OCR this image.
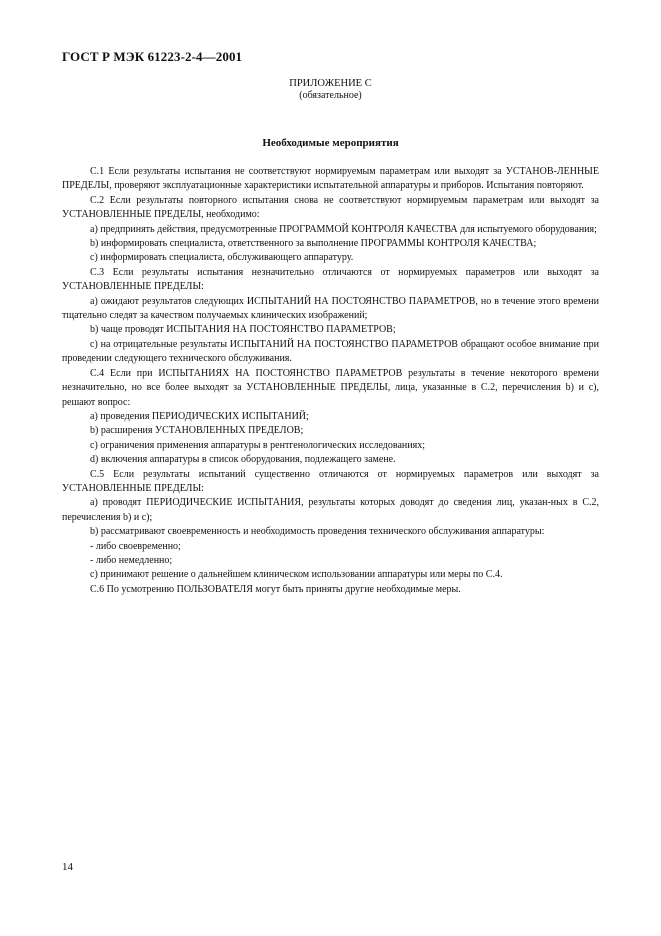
ГОСТ Р МЭК 61223-2-4—2001
ПРИЛОЖЕНИЕ С
(обязательное)
Необходимые мероприятия

С.1 Если результаты испытания не соответствуют нормируемым параметрам или выходят за УСТАНОВ-ЛЕННЫЕ ПРЕДЕЛЫ, проверяют эксплуатационные характеристики испытательной аппаратуры и приборов. Испытания повторяют.

С.2 Если результаты повторного испытания снова не соответствуют нормируемым параметрам или выходят за УСТАНОВЛЕННЫЕ ПРЕДЕЛЫ, необходимо:

a) предпринять действия, предусмотренные ПРОГРАММОЙ КОНТРОЛЯ КАЧЕСТВА для испытуемого оборудования;

b) информировать специалиста, ответственного за выполнение ПРОГРАММЫ КОНТРОЛЯ КАЧЕСТВА;

c) информировать специалиста, обслуживающего аппаратуру.

С.3 Если результаты испытания незначительно отличаются от нормируемых параметров или выходят за УСТАНОВЛЕННЫЕ ПРЕДЕЛЫ:

a) ожидают результатов следующих ИСПЫТАНИЙ НА ПОСТОЯНСТВО ПАРАМЕТРОВ, но в течение этого времени тщательно следят за качеством получаемых клинических изображений;

b) чаще проводят ИСПЫТАНИЯ НА ПОСТОЯНСТВО ПАРАМЕТРОВ;

c) на отрицательные результаты ИСПЫТАНИЙ НА ПОСТОЯНСТВО ПАРАМЕТРОВ обращают особое внимание при проведении следующего технического обслуживания.

С.4 Если при ИСПЫТАНИЯХ НА ПОСТОЯНСТВО ПАРАМЕТРОВ результаты в течение некоторого времени незначительно, но все более выходят за УСТАНОВЛЕННЫЕ ПРЕДЕЛЫ, лица, указанные в С.2, перечисления b) и c), решают вопрос:

a) проведения ПЕРИОДИЧЕСКИХ ИСПЫТАНИЙ;

b) расширения УСТАНОВЛЕННЫХ ПРЕДЕЛОВ;

c) ограничения применения аппаратуры в рентгенологических исследованиях;

d) включения аппаратуры в список оборудования, подлежащего замене.

С.5 Если результаты испытаний существенно отличаются от нормируемых параметров или выходят за УСТАНОВЛЕННЫЕ ПРЕДЕЛЫ:

a) проводят ПЕРИОДИЧЕСКИЕ ИСПЫТАНИЯ, результаты которых доводят до сведения лиц, указан-ных в С.2, перечисления b) и c);

b) рассматривают своевременность и необходимость проведения технического обслуживания аппаратуры:

- либо своевременно;

- либо немедленно;

c) принимают решение о дальнейшем клиническом использовании аппаратуры или меры по С.4.

С.6 По усмотрению ПОЛЬЗОВАТЕЛЯ могут быть приняты другие необходимые меры.

14
